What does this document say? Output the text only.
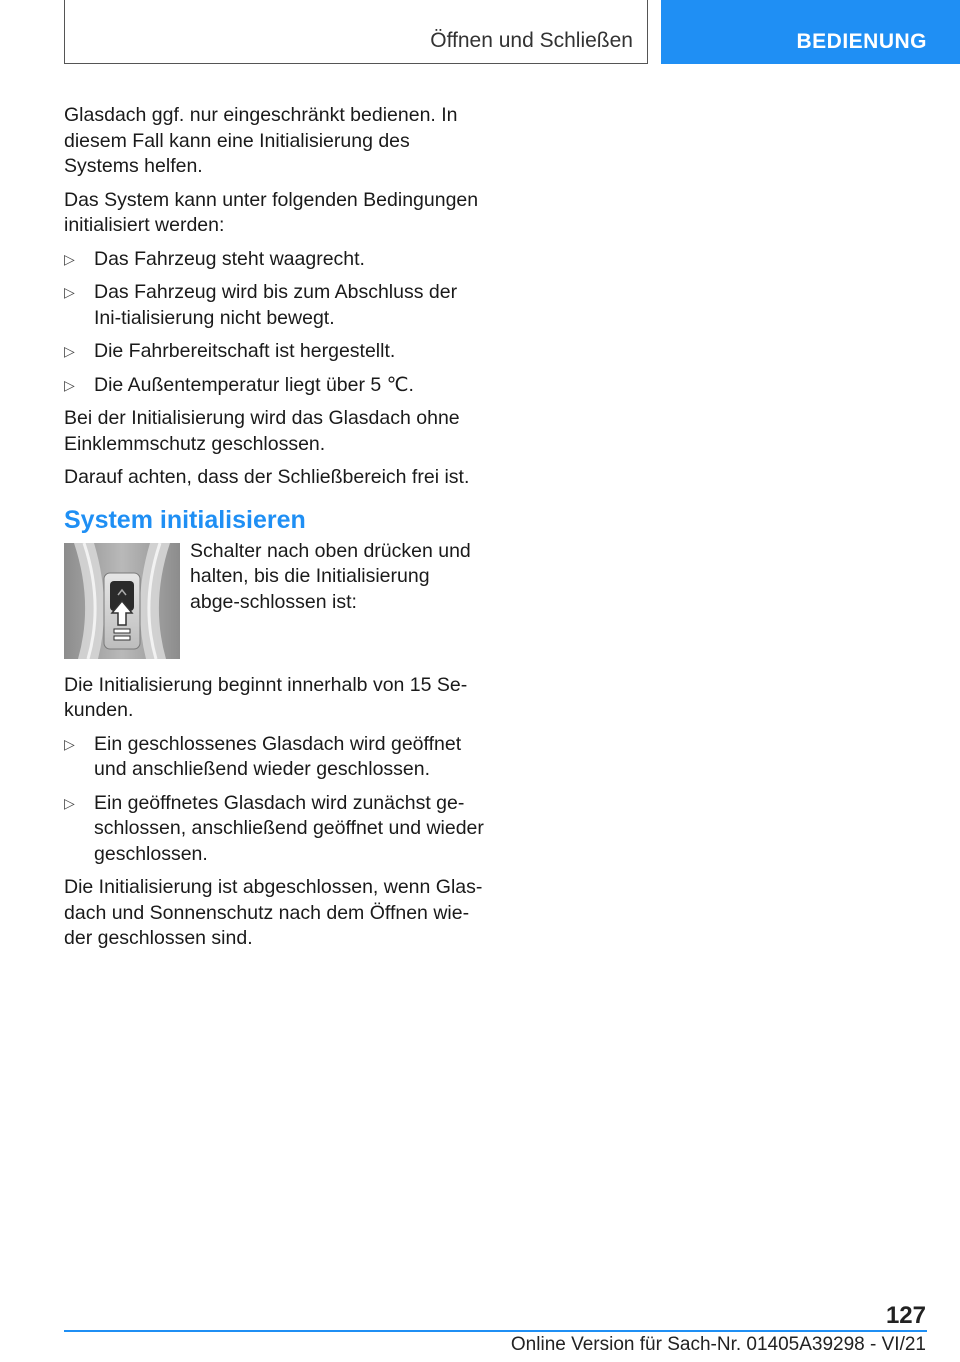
Öffnen und Schließen	BEDIENUNG

Glasdach ggf. nur eingeschränkt bedienen. In diesem Fall kann eine Initialisierung des Systems helfen.

Das System kann unter folgenden Bedingungen initialisiert werden:

▷ Das Fahrzeug steht waagrecht.
▷ Das Fahrzeug wird bis zum Abschluss der Ini-tialisierung nicht bewegt.
▷ Die Fahrbereitschaft ist hergestellt.
▷ Die Außentemperatur liegt über 5 ℃.

Bei der Initialisierung wird das Glasdach ohne Einklemmschutz geschlossen.

Darauf achten, dass der Schließbereich frei ist.

System initialisieren
Schalter nach oben drücken und halten, bis die Initialisierung abge-schlossen ist:

Die Initialisierung beginnt innerhalb von 15 Se-kunden.

▷ Ein geschlossenes Glasdach wird geöffnet und anschließend wieder geschlossen.
▷ Ein geöffnetes Glasdach wird zunächst ge-schlossen, anschließend geöffnet und wieder geschlossen.

Die Initialisierung ist abgeschlossen, wenn Glas-dach und Sonnenschutz nach dem Öffnen wie-der geschlossen sind.

127
Online Version für Sach-Nr. 01405A39298 - VI/21
